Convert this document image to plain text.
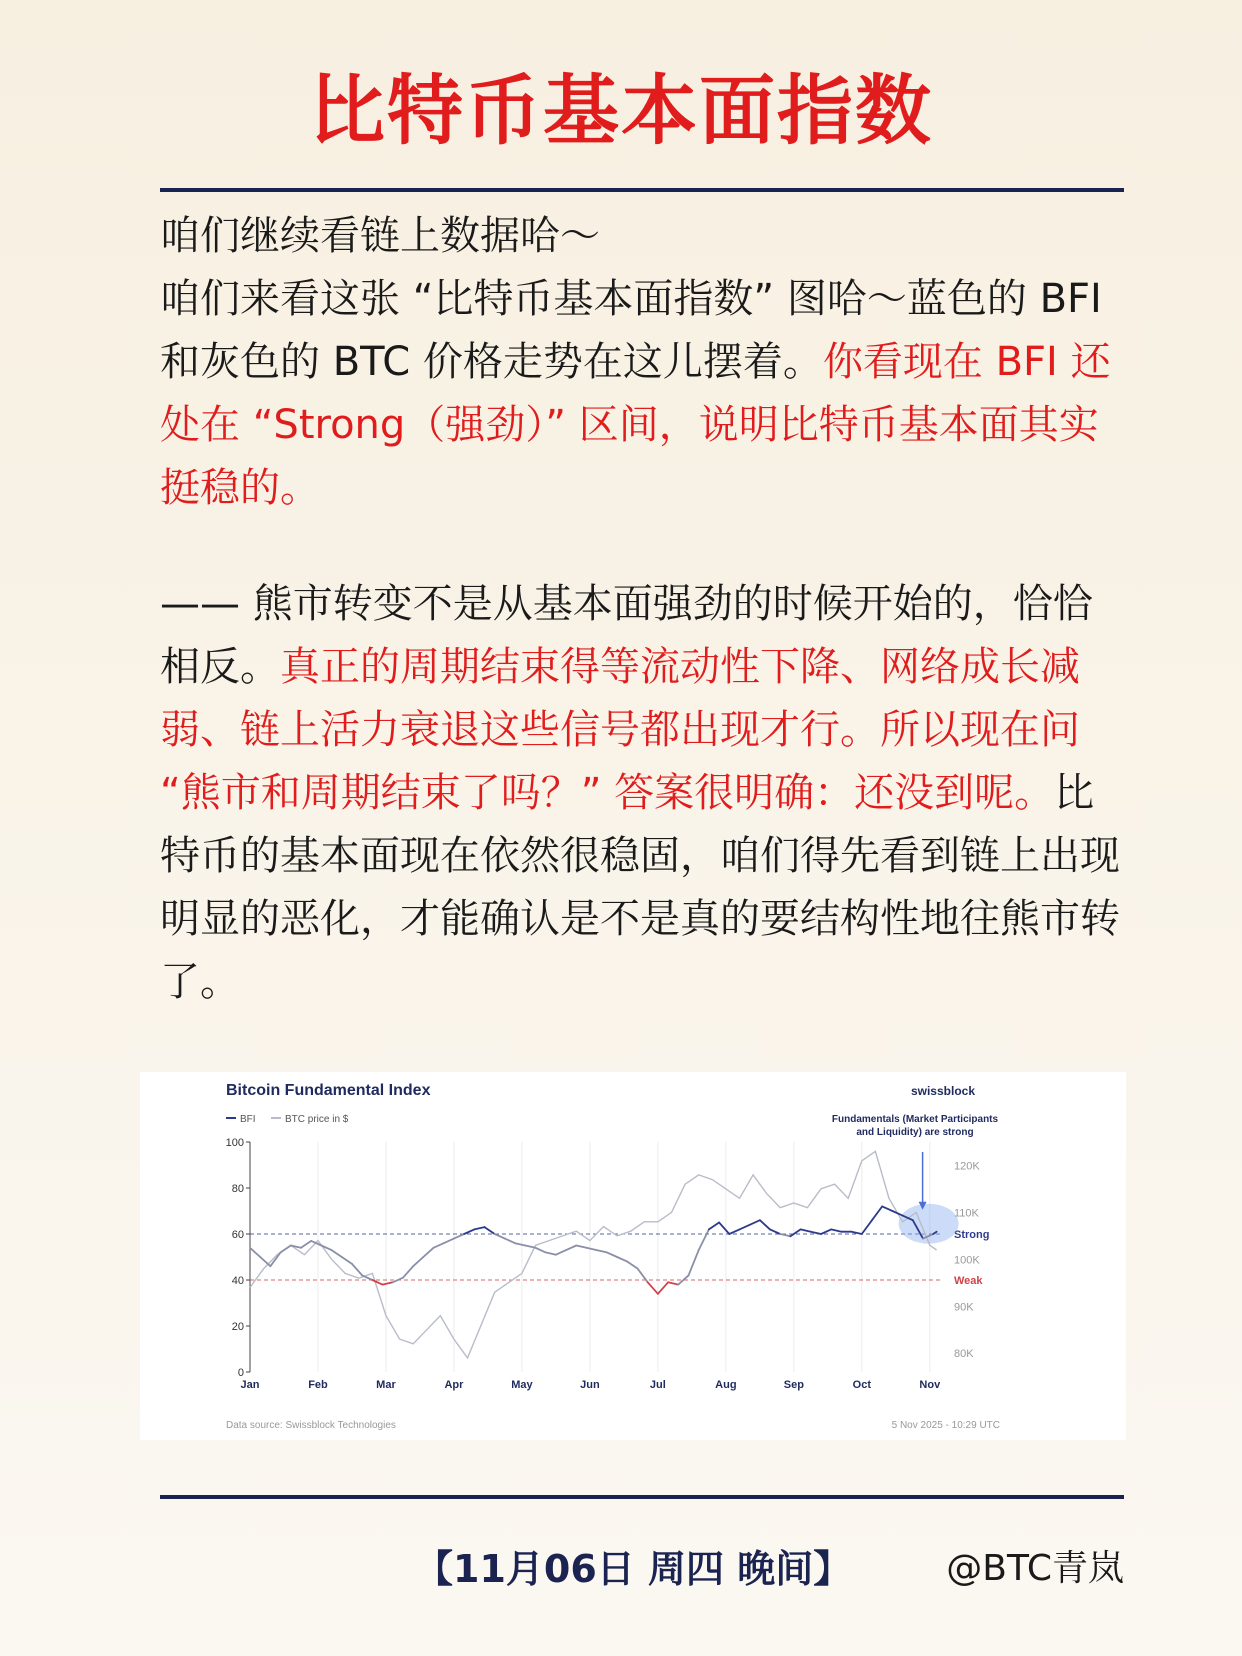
比特币基本面指数

咱们继续看链上数据哈～
咱们来看这张 “比特币基本面指数” 图哈～蓝色的 BFI 和灰色的 BTC 价格走势在这儿摆着。你看现在 BFI 还处在 “Strong（强劲）” 区间，说明比特币基本面其实挺稳的。

—— 熊市转变不是从基本面强劲的时候开始的，恰恰相反。真正的周期结束得等流动性下降、网络成长减弱、链上活力衰退这些信号都出现才行。所以现在问 “熊市和周期结束了吗？” 答案很明确：还没到呢。比特币的基本面现在依然很稳固，咱们得先看到链上出现明显的恶化，才能确认是不是真的要结构性地往熊市转了。

Bitcoin Fundamental Index	swissblock
BFI	BTC price in $	Fundamentals (Market Participants
and Liquidity) are strong
Data source: Swissblock Technologies	5 Nov 2025 - 10:29 UTC
Jan	Feb	Mar	Apr	May	Jun	Jul	Aug	Sep	Oct	Nov
0
20
40
60
80
100
80K
90K
100K
110K
120K
Strong
Weak
【11月06日 周四 晚间】	@BTC青岚
